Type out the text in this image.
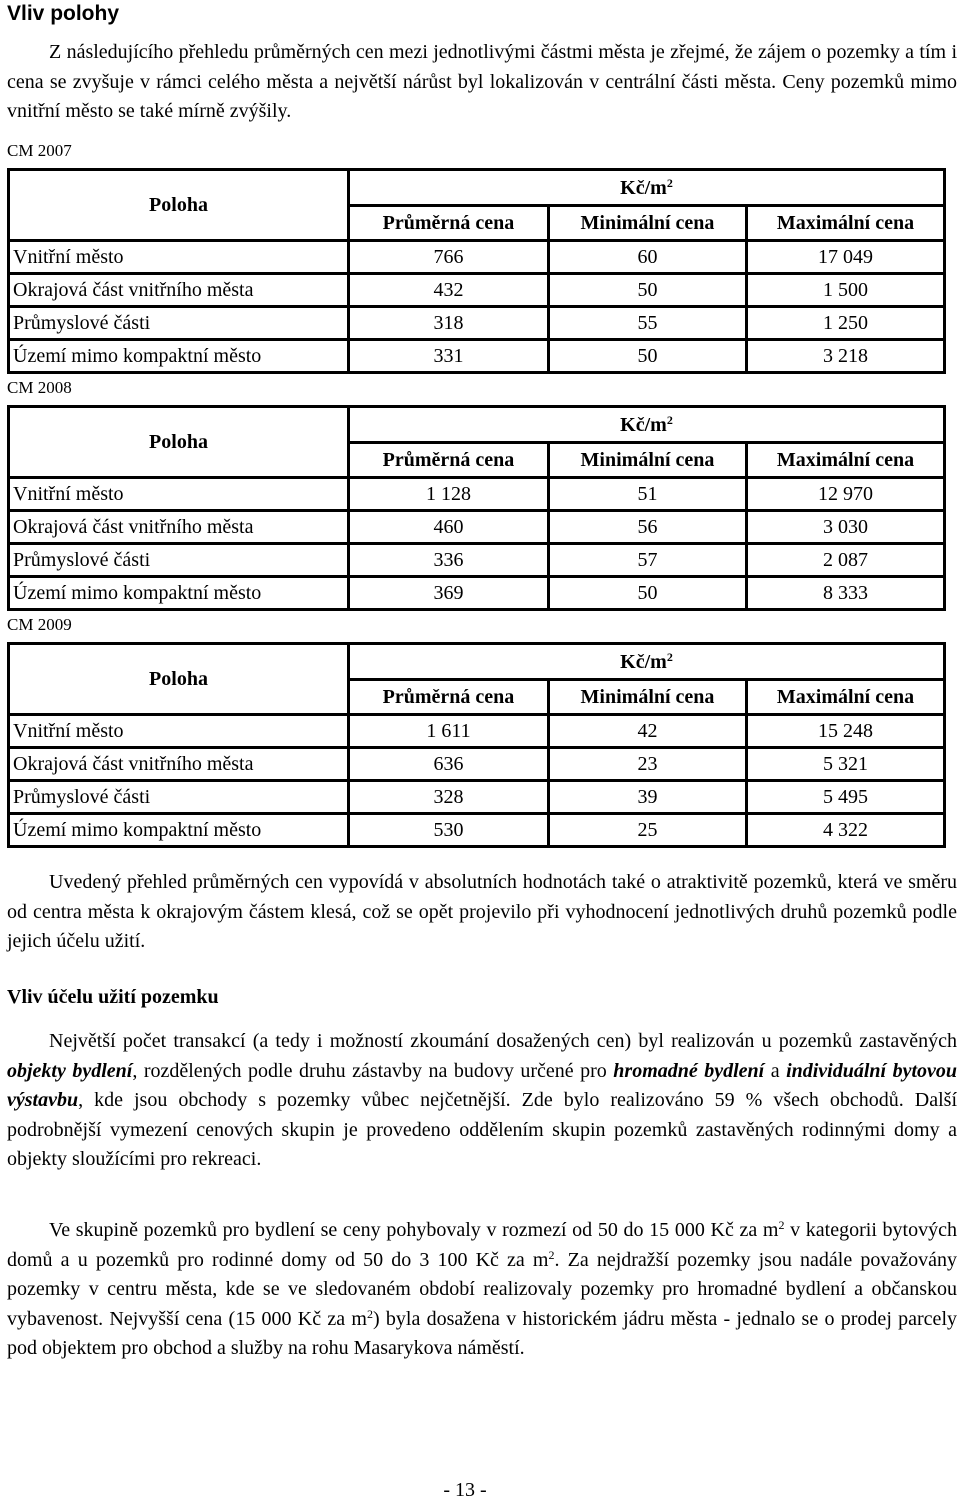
Vliv polohy
Z následujícího přehledu průměrných cen mezi jednotlivými částmi města je zřejmé, že zájem o pozemky a tím i cena se zvyšuje v rámci celého města a největší nárůst byl lokalizován v centrální části města. Ceny pozemků mimo vnitřní město se také mírně zvýšily.
CM 2007
Poloha	$Kč/m^2$
	Průměrná cena	Minimální cena	Maximální cena
Vnitřní město	766	60	17 049
Okrajová část vnitřního města	432	50	1 500
Průmyslové části	318	55	1 250
Území mimo kompaktní město	331	50	3 218
CM 2008
Poloha	$Kč/m^2$
	Průměrná cena	Minimální cena	Maximální cena
Vnitřní město	1 128	51	12 970
Okrajová část vnitřního města	460	56	3 030
Průmyslové části	336	57	2 087
Území mimo kompaktní město	369	50	8 333
CM 2009
Poloha	$Kč/m^2$
	Průměrná cena	Minimální cena	Maximální cena
Vnitřní město	1 611	42	15 248
Okrajová část vnitřního města	636	23	5 321
Průmyslové části	328	39	5 495
Území mimo kompaktní město	530	25	4 322
Uvedený přehled průměrných cen vypovídá v absolutních hodnotách také o atraktivitě pozemků, která ve směru od centra města k okrajovým částem klesá, což se opět projevilo při vyhodnocení jednotlivých druhů pozemků podle jejich účelu užití.
Vliv účelu užití pozemku
Největší počet transakcí (a tedy i možností zkoumání dosažených cen) byl realizován u pozemků zastavěných objekty bydlení, rozdělených podle druhu zástavby na budovy určené pro hromadné bydlení a individuální bytovou výstavbu, kde jsou obchody s pozemky vůbec nejčetnější. Zde bylo realizováno 59 % všech obchodů. Další podrobnější vymezení cenových skupin je provedeno oddělením skupin pozemků zastavěných rodinnými domy a objekty sloužícími pro rekreaci.
Ve skupině pozemků pro bydlení se ceny pohybovaly v rozmezí od 50 do 15 000 Kč za $m^2$ v kategorii bytových domů a u pozemků pro rodinné domy od 50 do 3 100 Kč za $m^2$. Za nejdražší pozemky jsou nadále považovány pozemky v centru města, kde se ve sledovaném období realizovaly pozemky pro hromadné bydlení a občanskou vybavenost. Nejvyšší cena (15 000 Kč za $m^2$) byla dosažena v historickém jádru města - jednalo se o prodej parcely pod objektem pro obchod a služby na rohu Masarykova náměstí.
- 13 -
